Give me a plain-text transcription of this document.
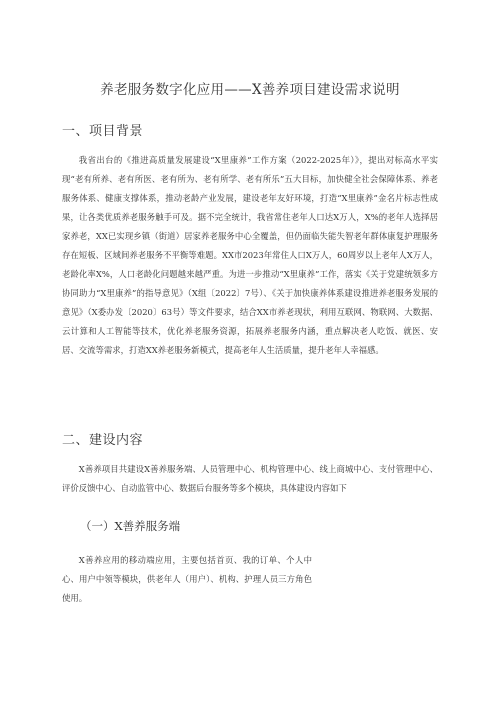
养老服务数字化应用——X善养项目建设需求说明
一、项目背景
我省出台的《推进高质量发展建设“X里康养”工作方案（2022-2025年）》，提出对标高水平实现“老有所养、老有所医、老有所为、老有所学、老有所乐”五大目标，加快健全社会保障体系、养老服务体系、健康支撑体系，推动老龄产业发展，建设老年友好环境，打造“X里康养”金名片标志性成果，让各类优质养老服务触手可及。据不完全统计，我省常住老年人口达X万人，X%的老年人选择居家养老，XX已实现乡镇（街道）居家养老服务中心全覆盖，但仍面临失能失智老年群体康复护理服务存在短板、区域间养老服务不平衡等难题。XX市2023年常住人口X万人，60周岁以上老年人X万人，老龄化率X%，人口老龄化问题越来越严重。为进一步推动“X里康养”工作，落实《关于党建统领多方协同助力“X里康养”的指导意见》（X组〔2022〕7号）、《关于加快康养体系建设推进养老服务发展的意见》（X委办发〔2020〕63号）等文件要求，结合XX市养老现状，利用互联网、物联网、大数据、云计算和人工智能等技术，优化养老服务资源，拓展养老服务内涵，重点解决老人吃饭、就医、安居、交流等需求，打造XX养老服务新模式，提高老年人生活质量，提升老年人幸福感。
二、建设内容
X善养项目共建设X善养服务端、人员管理中心、机构管理中心、线上商城中心、支付管理中心、评价反馈中心、自动监管中心、数据后台服务等多个模块，具体建设内容如下
（一）X善养服务端
X善养应用的移动端应用，主要包括首页、我的订单、个人中心、用户中领等模块，供老年人（用户）、机构、护理人员三方角色使用。
